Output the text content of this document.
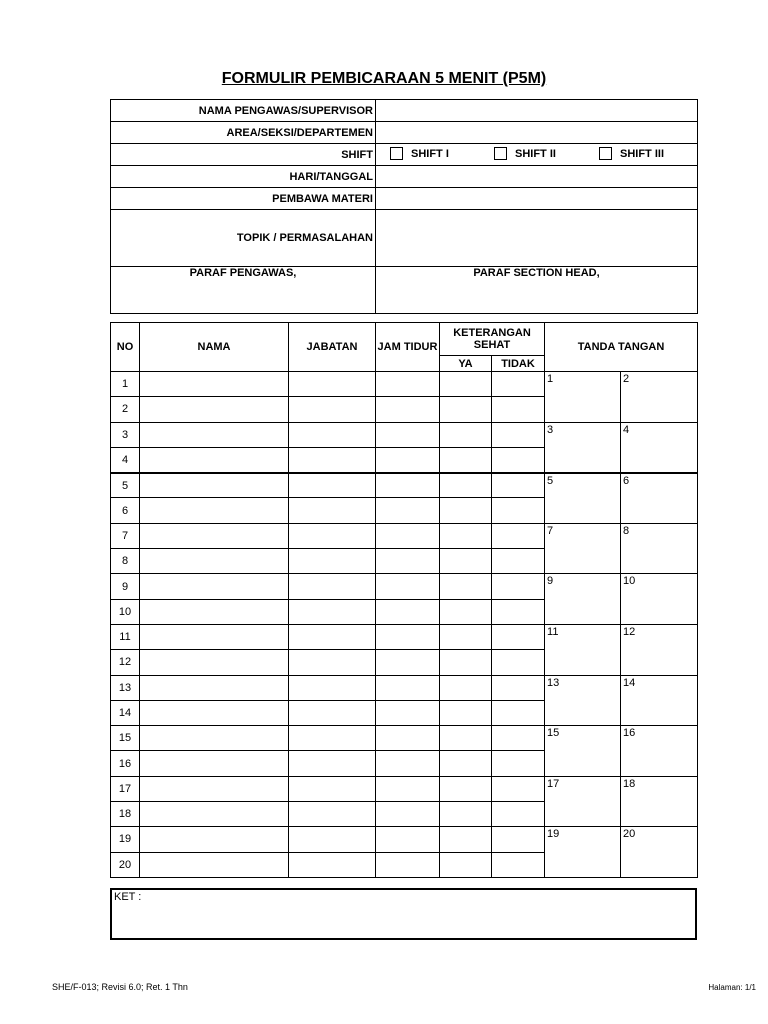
FORMULIR PEMBICARAAN 5 MENIT (P5M)
NAMA PENGAWAS/SUPERVISOR	
AREA/SEKSI/DEPARTEMEN	
SHIFT	SHIFT I SHIFT II SHIFT III

HARI/TANGGAL	
PEMBAWA MATERI	
TOPIK / PERMASALAHAN	
PARAF PENGAWAS,	PARAF SECTION HEAD,
NO	NAMA	JABATAN	JAM TIDUR	KETERANGAN SEHAT		TANDA TANGAN	
				YA	TIDAK		
1						1	2
2							
3						3	4
4							
5						5	6
6							
7						7	8
8							
9						9	10
10							
11						11	12
12							
13						13	14
14							
15						15	16
16							
17						17	18
18							
19						19	20
20							
KET :
SHE/F-013; Revisi 6.0; Ret. 1 Thn	Halaman: 1/1
